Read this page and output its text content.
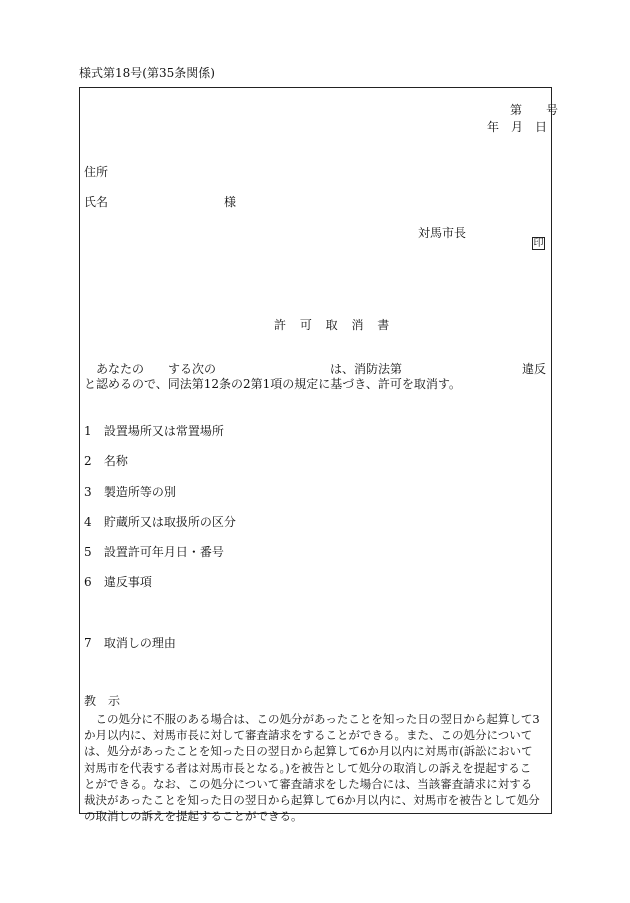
様式第18号(第35条関係)
第　　号
年　月　日
住所
氏名	様
対馬市長
印
許 可 取 消 書
あなたの する次の	は、消防法第	違反
と認めるので、同法第12条の2第1項の規定に基づき、許可を取消す。
1 設置場所又は常置場所
2 名称
3 製造所等の別
4 貯蔵所又は取扱所の区分
5 設置許可年月日・番号
6 違反事項
7 取消しの理由
教　示
　この処分に不服のある場合は、この処分があったことを知った日の翌日から起算して3
か月以内に、対馬市長に対して審査請求をすることができる。また、この処分について
は、処分があったことを知った日の翌日から起算して6か月以内に対馬市(訴訟において
対馬市を代表する者は対馬市長となる。)を被告として処分の取消しの訴えを提起するこ
とができる。なお、この処分について審査請求をした場合には、当該審査請求に対する
裁決があったことを知った日の翌日から起算して6か月以内に、対馬市を被告として処分
の取消しの訴えを提起することができる。
